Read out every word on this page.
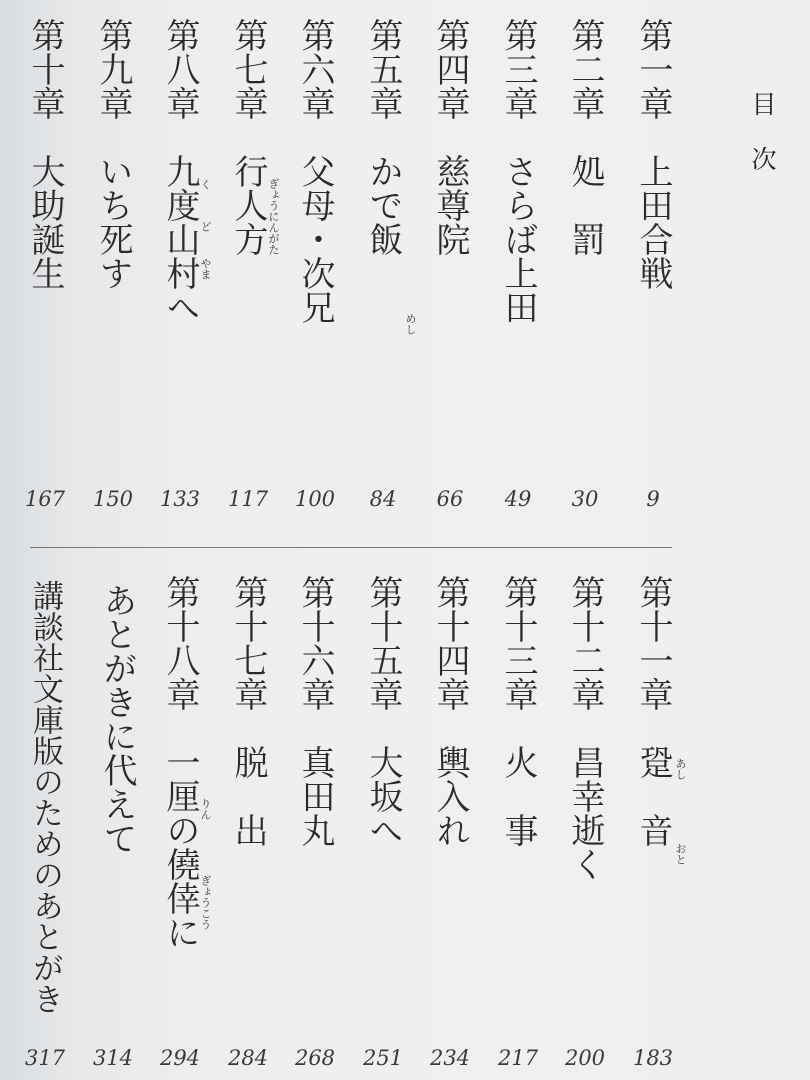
目
次
第一章上田合戦
第二章処　罰
第三章さらば上田
第四章慈尊院
第五章かで飯
めし
第六章父母・次兄
第七章行人方 ぎょうにんがた
第八章九度山村へ く
ど
やま
第九章いち死す
第十章大助誕生
9
30
49
66
84
100
117
133
150
167
第十一章跫　音 あし
おと
第十二章昌幸逝く
第十三章火　事
第十四章輿入れ
第十五章大坂へ
第十六章真田丸
第十七章脱　出
第十八章一厘の僥倖に りん
ぎょうこう
あとがきに代えて
講談社文庫版のためのあとがき
183
200
217
234
251
268
284
294
314
317
